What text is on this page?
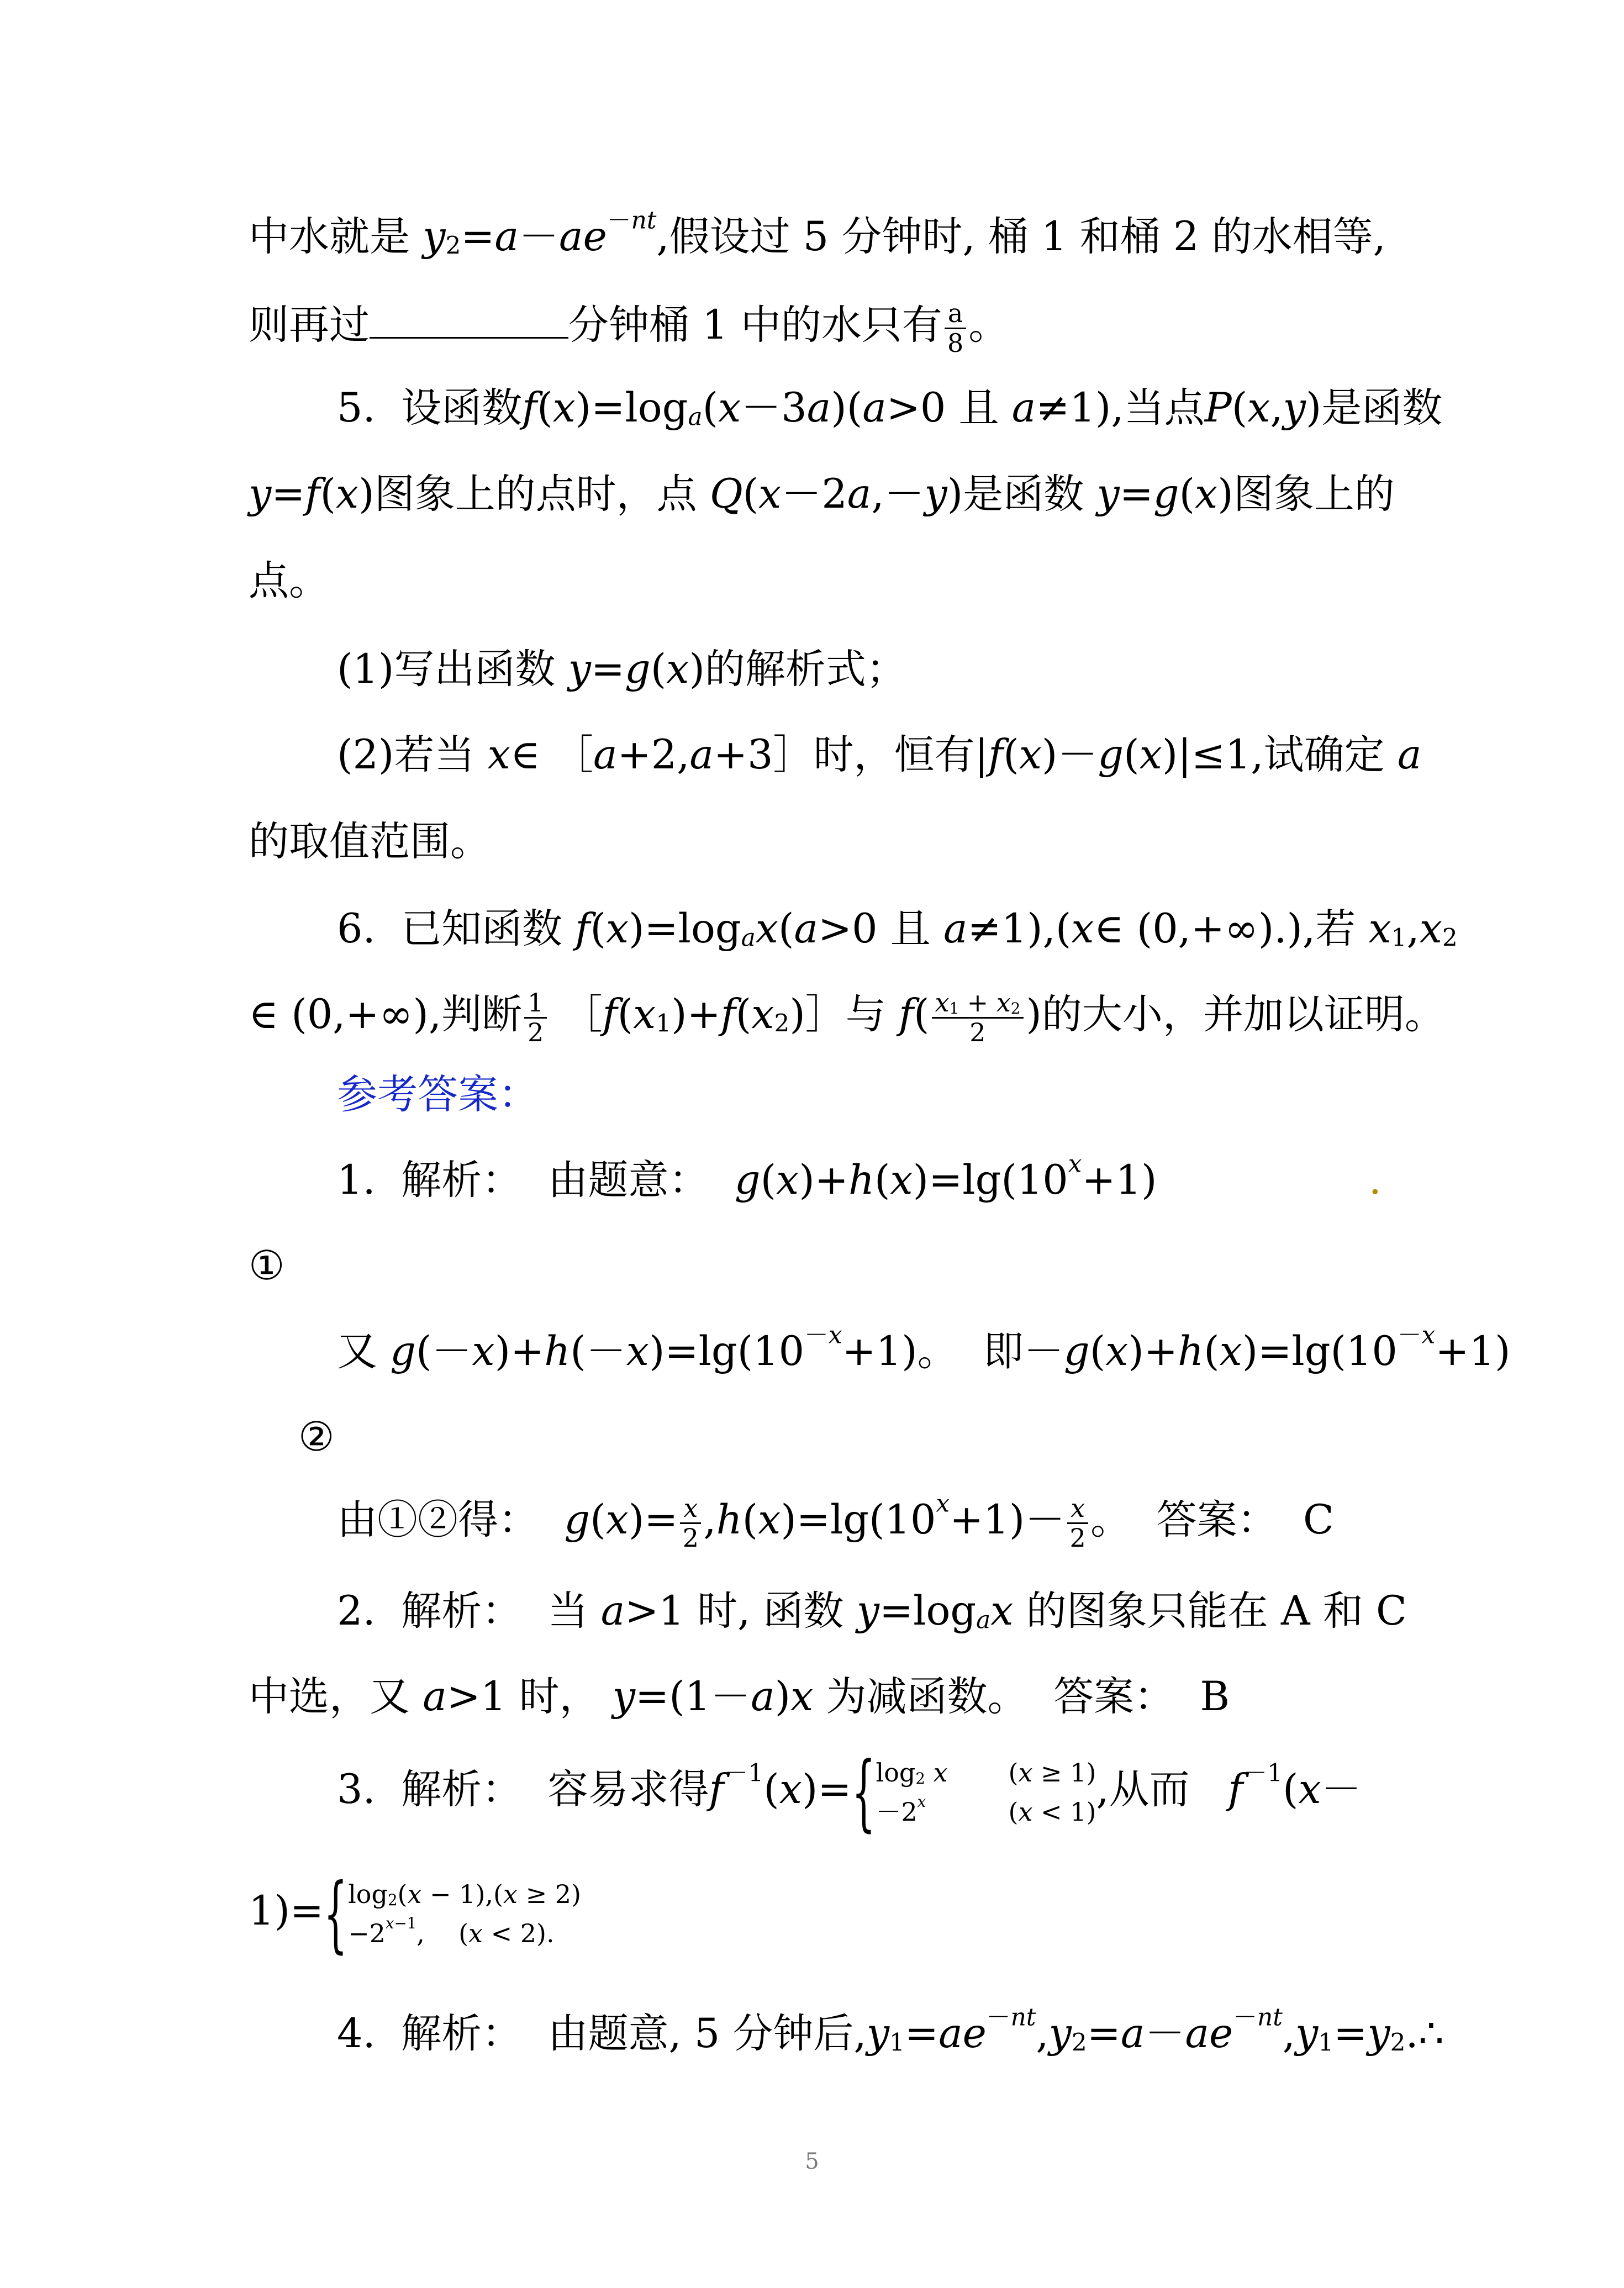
中水就是 $y_2=a-ae^{-nt}$,假设过 5 分钟时, 桶 1 和桶 2 的水相等,
则再过	分钟桶 1 中的水只有 $\frac{a}{8}$ 。
5. 设函数$f(x)=\log_a(x-3a)(a>0$ 且 a≠1),当点P(x,y)是函数
y=f(x)图象上的点时，点 Q(x－2a,－y)是函数 y=g(x)图象上的
点。
(1)写出函数 y=g(x)的解析式；
(2)若当 x∈ ［a+2,a+3］时，恒有|f(x)－g(x)|≤1,试确定 a
的取值范围。
6. 已知函数 $f(x)=\log_ax(a>0$ 且 a≠1),(x∈ (0,+∞).),若 $x_1,x_2$
∈ (0,+∞),判断 $\frac{1}{2}$ $[f(x_1)+f(x_2)]$与 $f( \frac{x_1 + x_2}{2}$ )的大小，并加以证明。
参考答案：
1. 解析： 由题意： $g(x)+h(x)=\lg(10^x+1)$	.
①
又 $g(-x)+h(-x)=\lg(10^{-x}+1)$。  即$-g(x)+h(x)=\lg(10^{-x}+1)$
②
由①②得： $g(x)= \frac{x}{2} ,h(x)=\lg(10^x+1)- \frac{x}{2}$ 。  答案： C
2. 解析： 当 a>1 时, 函数 $y=\log_ax$ 的图象只能在 A 和 C
中选，又 a>1 时， y=(1－a)x 为减函数。 答案： B
3. 解析： 容易求得$f^{-1}(x)=$ { $\log_2 x$	(x ≥ 1)
$-2^x$	(x < 1) ,从而 $f^{-1}(x-$
1)= { $\log_2(x - 1)$, (x ≥ 2)
$-2^{x-1}$,	(x < 2).
4. 解析： 由题意, 5 分钟后$,y_1=ae^{-nt},y_2=a-ae^{-nt},y_1=y_2.\therefore$
5
